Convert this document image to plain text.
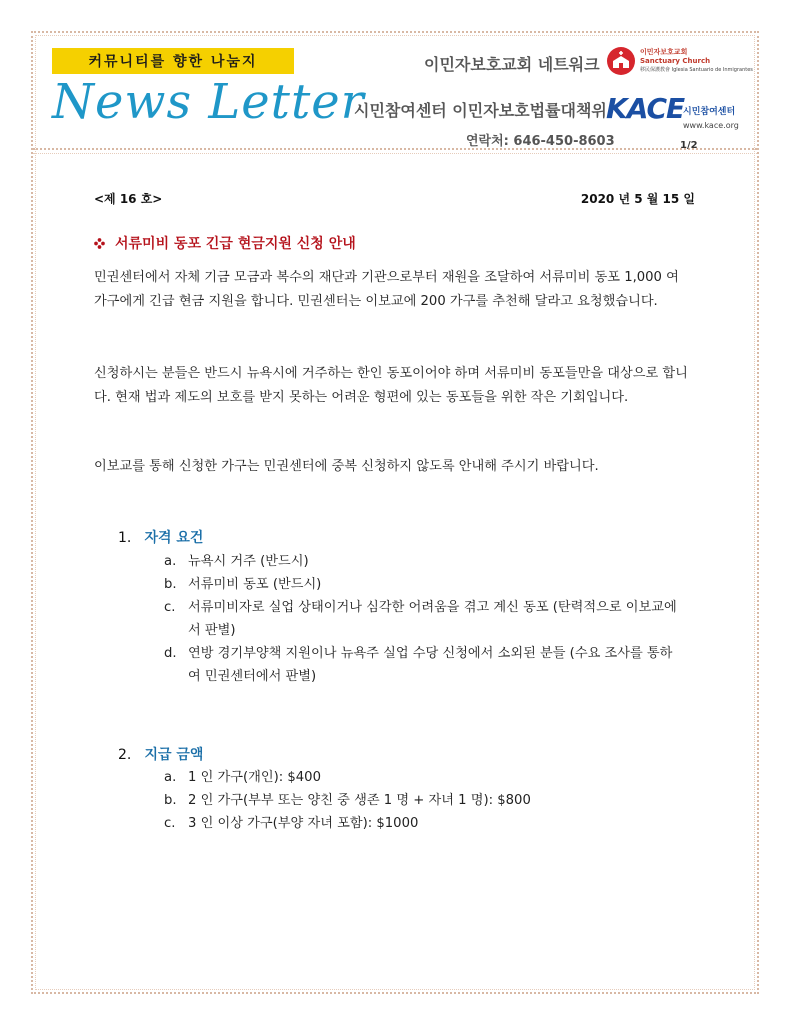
커뮤니티를 향한 나눔지
News Letter
이민자보호교회 네트워크
시민참여센터 이민자보호법률대책위
연락처: 646-450-8603
이민자보호교회
Sanctuary Church
移民保護教會 Iglesia Santuario de Inmigrantes
KACE
시민참여센터
www.kace.org
1/2
<제 16 호>	2020 년 5 월 15 일
서류미비 동포 긴급 현금지원 신청 안내
민권센터에서 자체 기금 모금과 복수의 재단과 기관으로부터 재원을 조달하여 서류미비 동포 1,000 여 가구에게 긴급 현금 지원을 합니다. 민권센터는 이보교에 200 가구를 추천해 달라고 요청했습니다.
신청하시는 분들은 반드시 뉴욕시에 거주하는 한인 동포이어야 하며 서류미비 동포들만을 대상으로 합니다. 현재 법과 제도의 보호를 받지 못하는 어려운 형편에 있는 동포들을 위한 작은 기회입니다.
이보교를 통해 신청한 가구는 민권센터에 중복 신청하지 않도록 안내해 주시기 바랍니다.
1. 자격 요건
a. 뉴욕시 거주 (반드시)
b. 서류미비 동포 (반드시)
c. 서류미비자로 실업 상태이거나 심각한 어려움을 겪고 계신 동포 (탄력적으로 이보교에서 판별)
d. 연방 경기부양책 지원이나 뉴욕주 실업 수당 신청에서 소외된 분들 (수요 조사를 통하여 민권센터에서 판별)
2. 지급 금액
a. 1 인 가구(개인): $400
b. 2 인 가구(부부 또는 양친 중 생존 1 명 + 자녀 1 명): $800
c. 3 인 이상 가구(부양 자녀 포함): $1000
